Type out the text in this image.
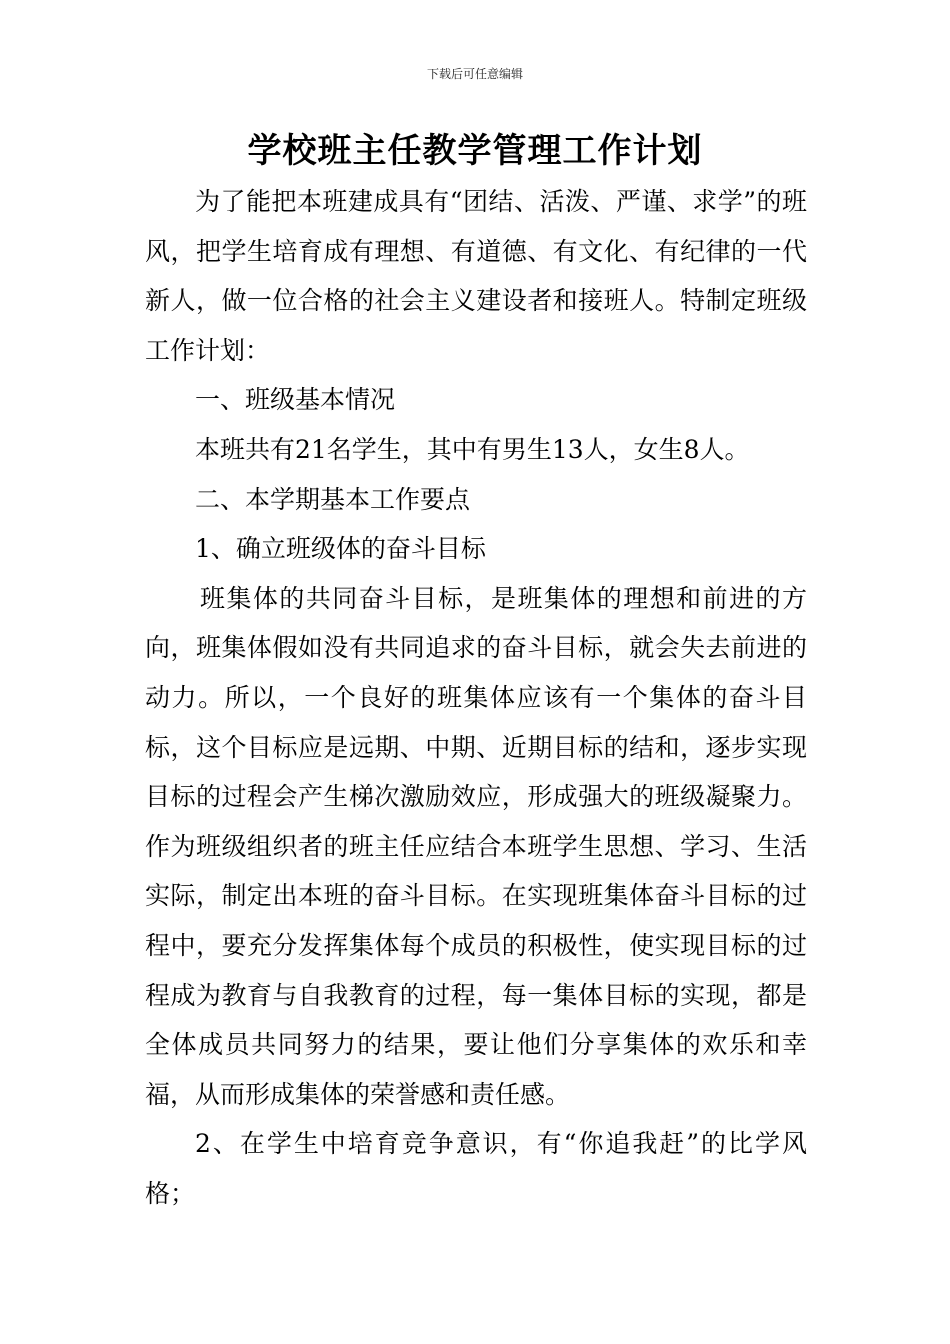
下载后可任意编辑
学校班主任教学管理工作计划

为了能把本班建成具有“团结、活泼、严谨、求学”的班风，把学生培育成有理想、有道德、有文化、有纪律的一代新人，做一位合格的社会主义建设者和接班人。特制定班级工作计划：

一、班级基本情况

本班共有21名学生，其中有男生13人，女生8人。

二、本学期基本工作要点

1、确立班级体的奋斗目标

班集体的共同奋斗目标，是班集体的理想和前进的方向，班集体假如没有共同追求的奋斗目标，就会失去前进的动力。所以，一个良好的班集体应该有一个集体的奋斗目标，这个目标应是远期、中期、近期目标的结和，逐步实现目标的过程会产生梯次激励效应，形成强大的班级凝聚力。作为班级组织者的班主任应结合本班学生思想、学习、生活实际，制定出本班的奋斗目标。在实现班集体奋斗目标的过程中，要充分发挥集体每个成员的积极性，使实现目标的过程成为教育与自我教育的过程，每一集体目标的实现，都是全体成员共同努力的结果，要让他们分享集体的欢乐和幸福，从而形成集体的荣誉感和责任感。

2、在学生中培育竞争意识，有“你追我赶”的比学风格；
